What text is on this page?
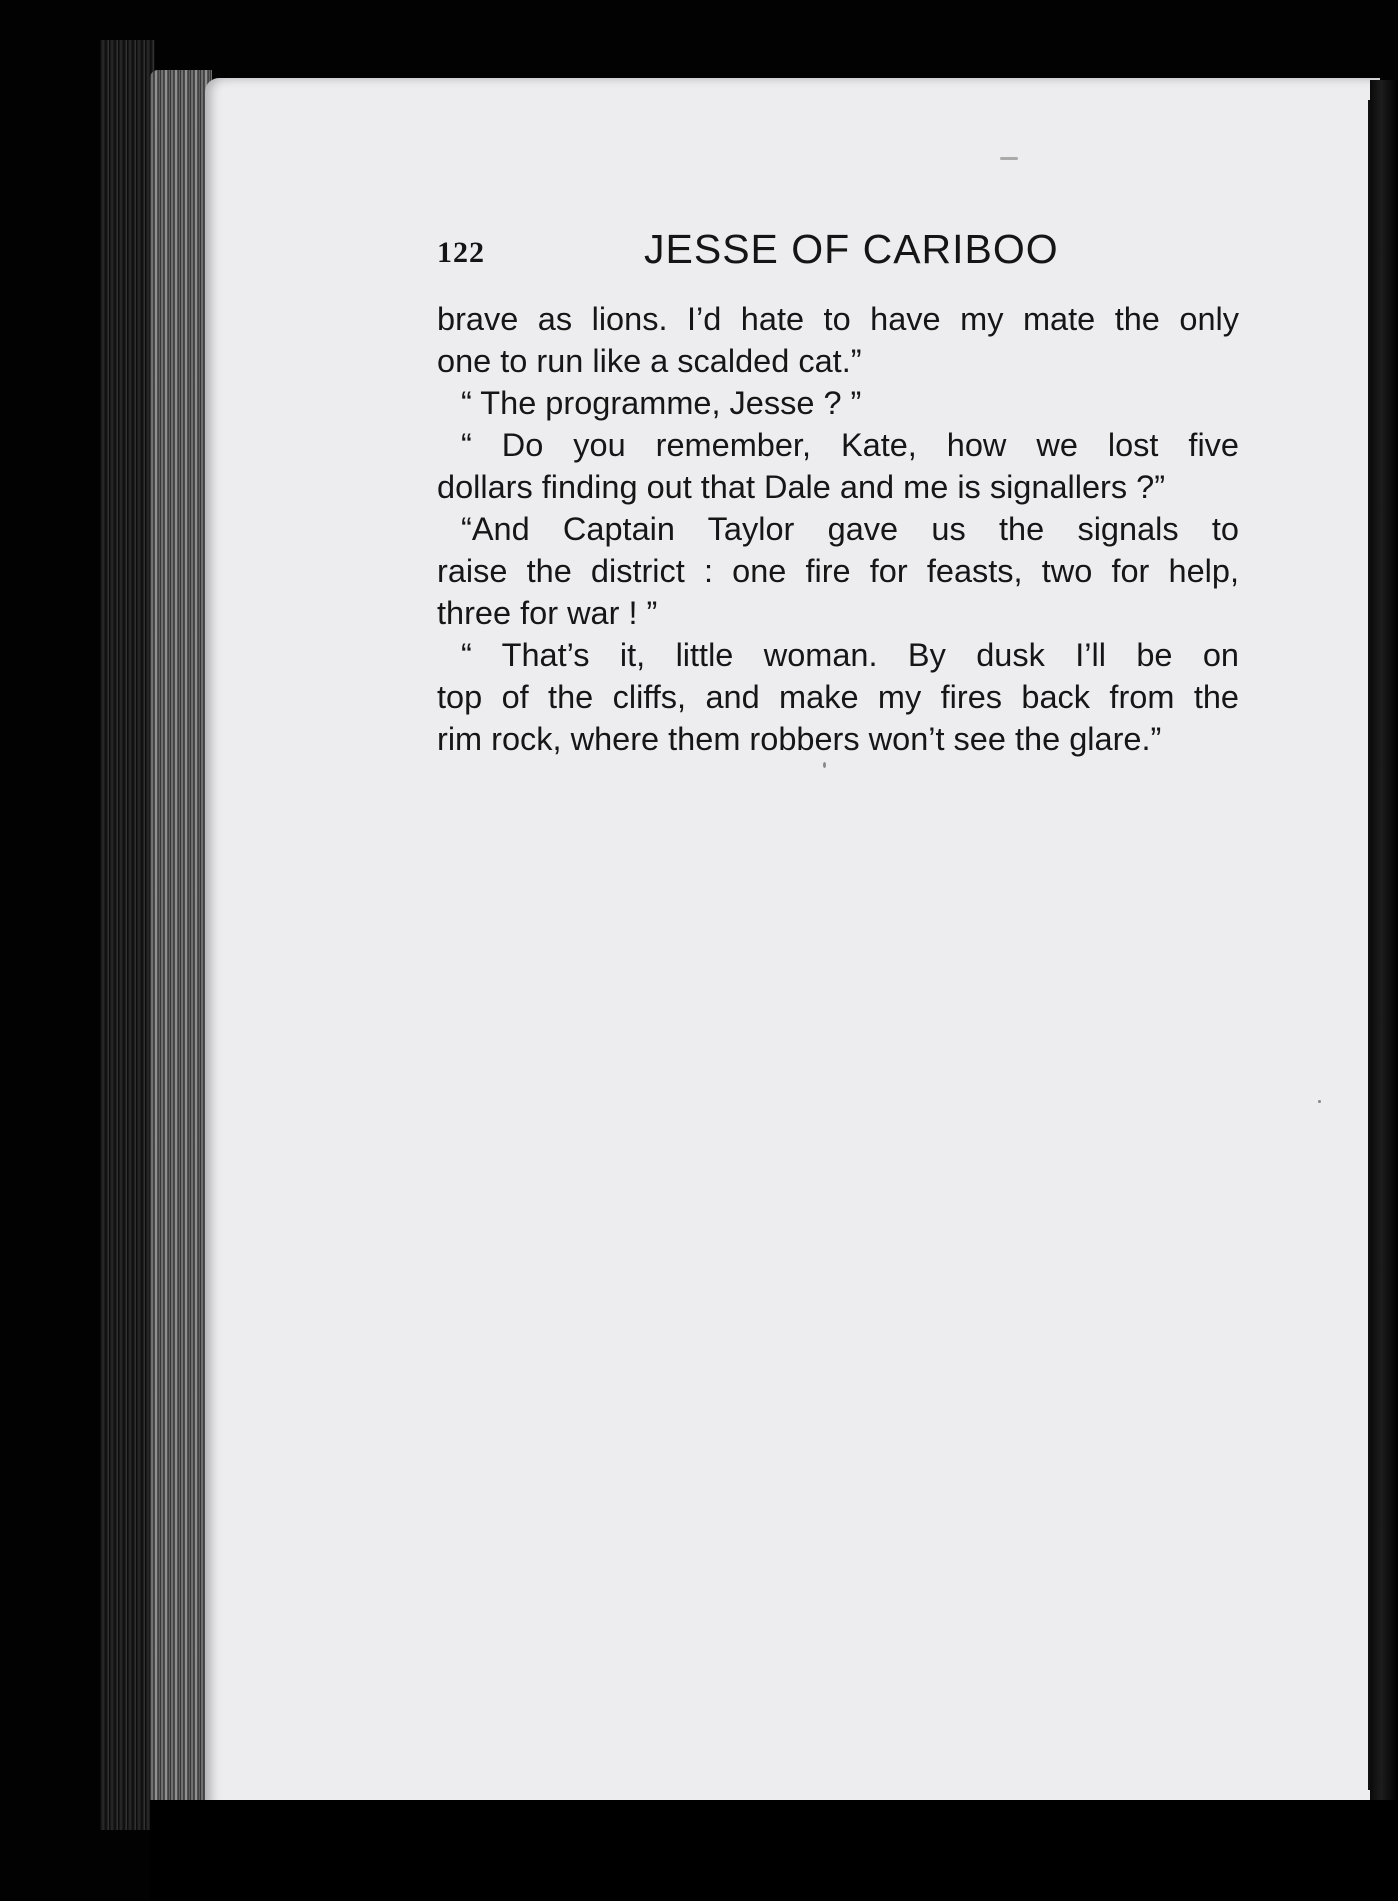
122	JESSE OF CARIBOO
brave as lions. I’d hate to have my mate the only
one to run like a scalded cat.”
“ The programme, Jesse ? ”
“ Do you remember, Kate, how we lost five
dollars finding out that Dale and me is signallers ?”
“And Captain Taylor gave us the signals to
raise the district : one fire for feasts, two for help,
three for war ! ”
“ That’s it, little woman. By dusk I’ll be on
top of the cliffs, and make my fires back from the
rim rock, where them robbers won’t see the glare.”
